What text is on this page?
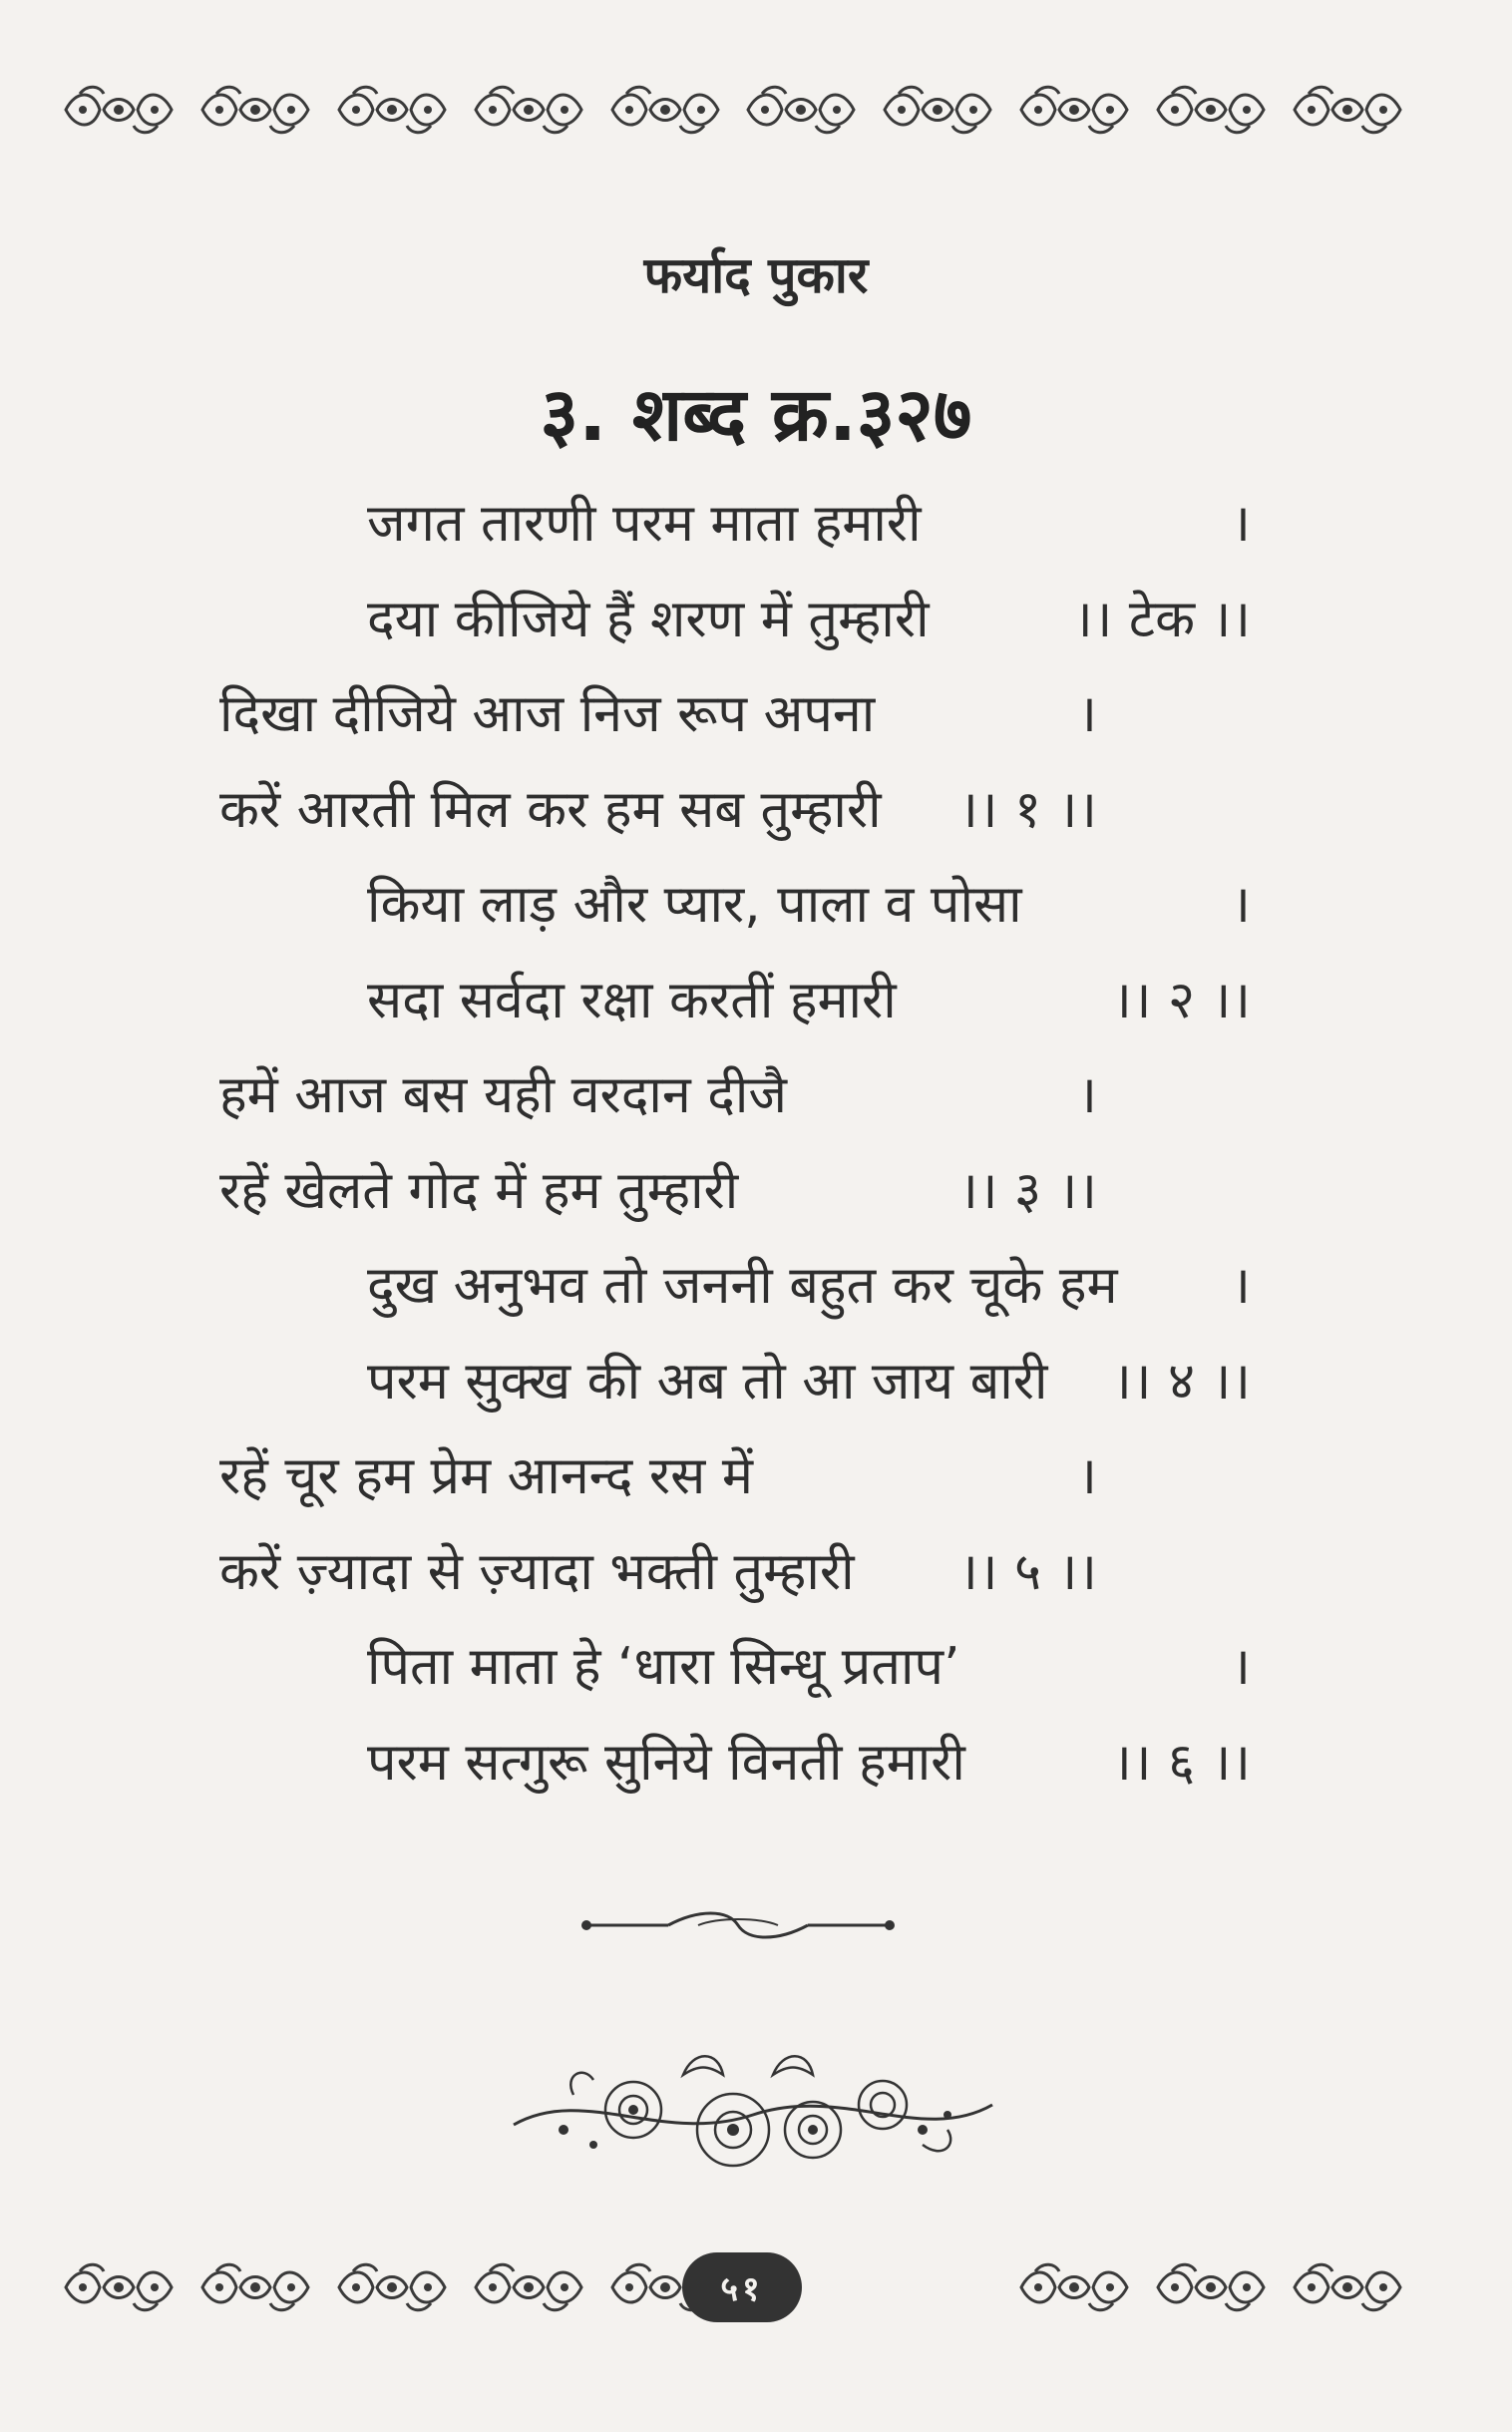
फर्याद पुकार
३. शब्द क्र.३२७
जगत तारणी परम माता हमारी	।
दया कीजिये हैं शरण में तुम्हारी	।। टेक ।।
दिखा दीजिये आज निज रूप अपना	।
करें आरती मिल कर हम सब तुम्हारी ।। १ ।।
किया लाड़ और प्यार, पाला व पोसा	।
सदा सर्वदा रक्षा करतीं हमारी	।। २ ।।
हमें आज बस यही वरदान दीजै	।
रहें खेलते गोद में हम तुम्हारी	।। ३ ।।
दुख अनुभव तो जननी बहुत कर चूके हम ।
परम सुक्ख की अब तो आ जाय बारी ।। ४ ।।
रहें चूर हम प्रेम आनन्द रस में	।
करें ज़्यादा से ज़्यादा भक्ती तुम्हारी ।। ५ ।।
पिता माता हे ‘धारा सिन्धू प्रताप’	।
परम सत्गुरू सुनिये विनती हमारी	।। ६ ।।
५१
